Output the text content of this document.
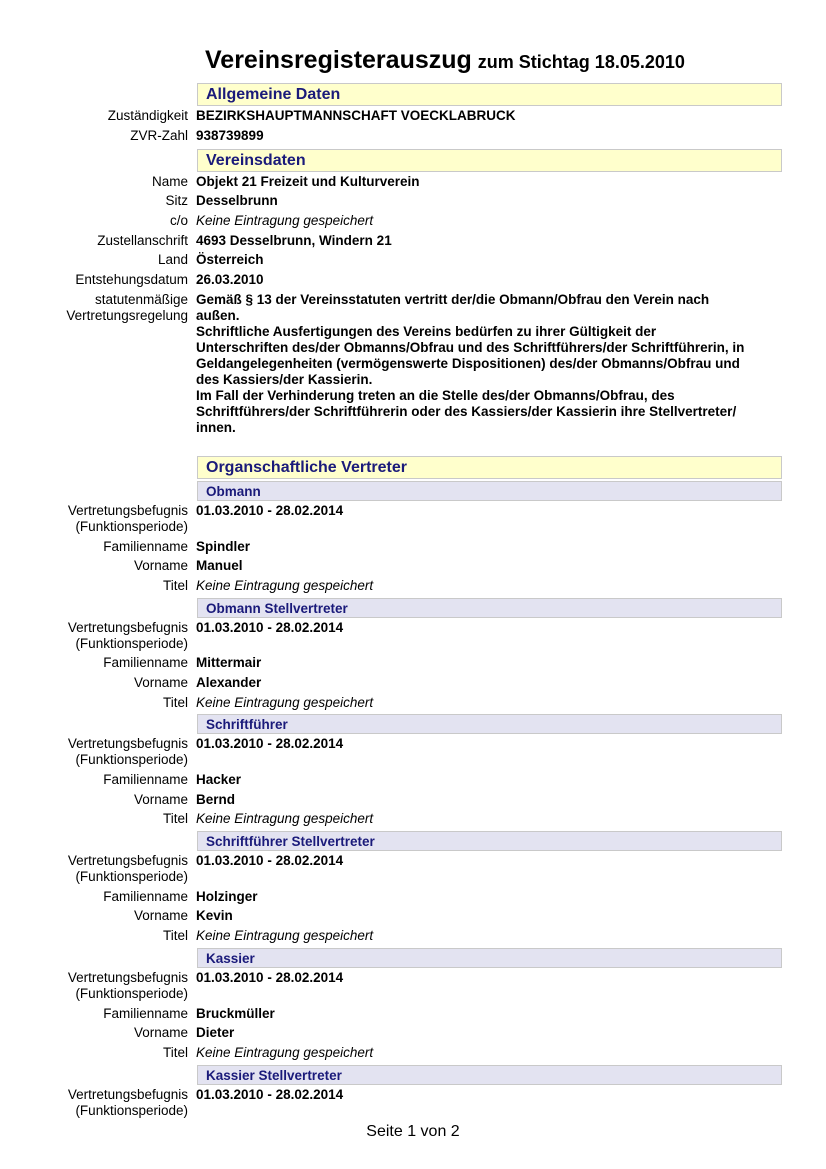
Vereinsregisterauszug zum Stichtag 18.05.2010
Allgemeine Daten
Zuständigkeit BEZIRKSHAUPTMANNSCHAFT VOECKLABRUCK
ZVR-Zahl 938739899
Vereinsdaten
Name Objekt 21 Freizeit und Kulturverein
Sitz Desselbrunn
c/o Keine Eintragung gespeichert
Zustellanschrift 4693 Desselbrunn, Windern 21
Land Österreich
Entstehungsdatum 26.03.2010
statutenmäßige
Vertretungsregelung
Gemäß § 13 der Vereinsstatuten vertritt der/die Obmann/Obfrau den Verein nach
außen.
Schriftliche Ausfertigungen des Vereins bedürfen zu ihrer Gültigkeit der
Unterschriften des/der Obmanns/Obfrau und des Schriftführers/der Schriftführerin, in
Geldangelegenheiten (vermögenswerte Dispositionen) des/der Obmanns/Obfrau und
des Kassiers/der Kassierin.
Im Fall der Verhinderung treten an die Stelle des/der Obmanns/Obfrau, des
Schriftführers/der Schriftführerin oder des Kassiers/der Kassierin ihre Stellvertreter/
innen.
Organschaftliche Vertreter
Obmann
Vertretungsbefugnis
(Funktionsperiode)
01.03.2010 - 28.02.2014
Familienname Spindler
Vorname Manuel
Titel Keine Eintragung gespeichert
Obmann Stellvertreter
Vertretungsbefugnis
(Funktionsperiode)
01.03.2010 - 28.02.2014
Familienname Mittermair
Vorname Alexander
Titel Keine Eintragung gespeichert
Schriftführer
Vertretungsbefugnis
(Funktionsperiode)
01.03.2010 - 28.02.2014
Familienname Hacker
Vorname Bernd
Titel Keine Eintragung gespeichert
Schriftführer Stellvertreter
Vertretungsbefugnis
(Funktionsperiode)
01.03.2010 - 28.02.2014
Familienname Holzinger
Vorname Kevin
Titel Keine Eintragung gespeichert
Kassier
Vertretungsbefugnis
(Funktionsperiode)
01.03.2010 - 28.02.2014
Familienname Bruckmüller
Vorname Dieter
Titel Keine Eintragung gespeichert
Kassier Stellvertreter
Vertretungsbefugnis
(Funktionsperiode)
01.03.2010 - 28.02.2014
Seite 1 von 2
